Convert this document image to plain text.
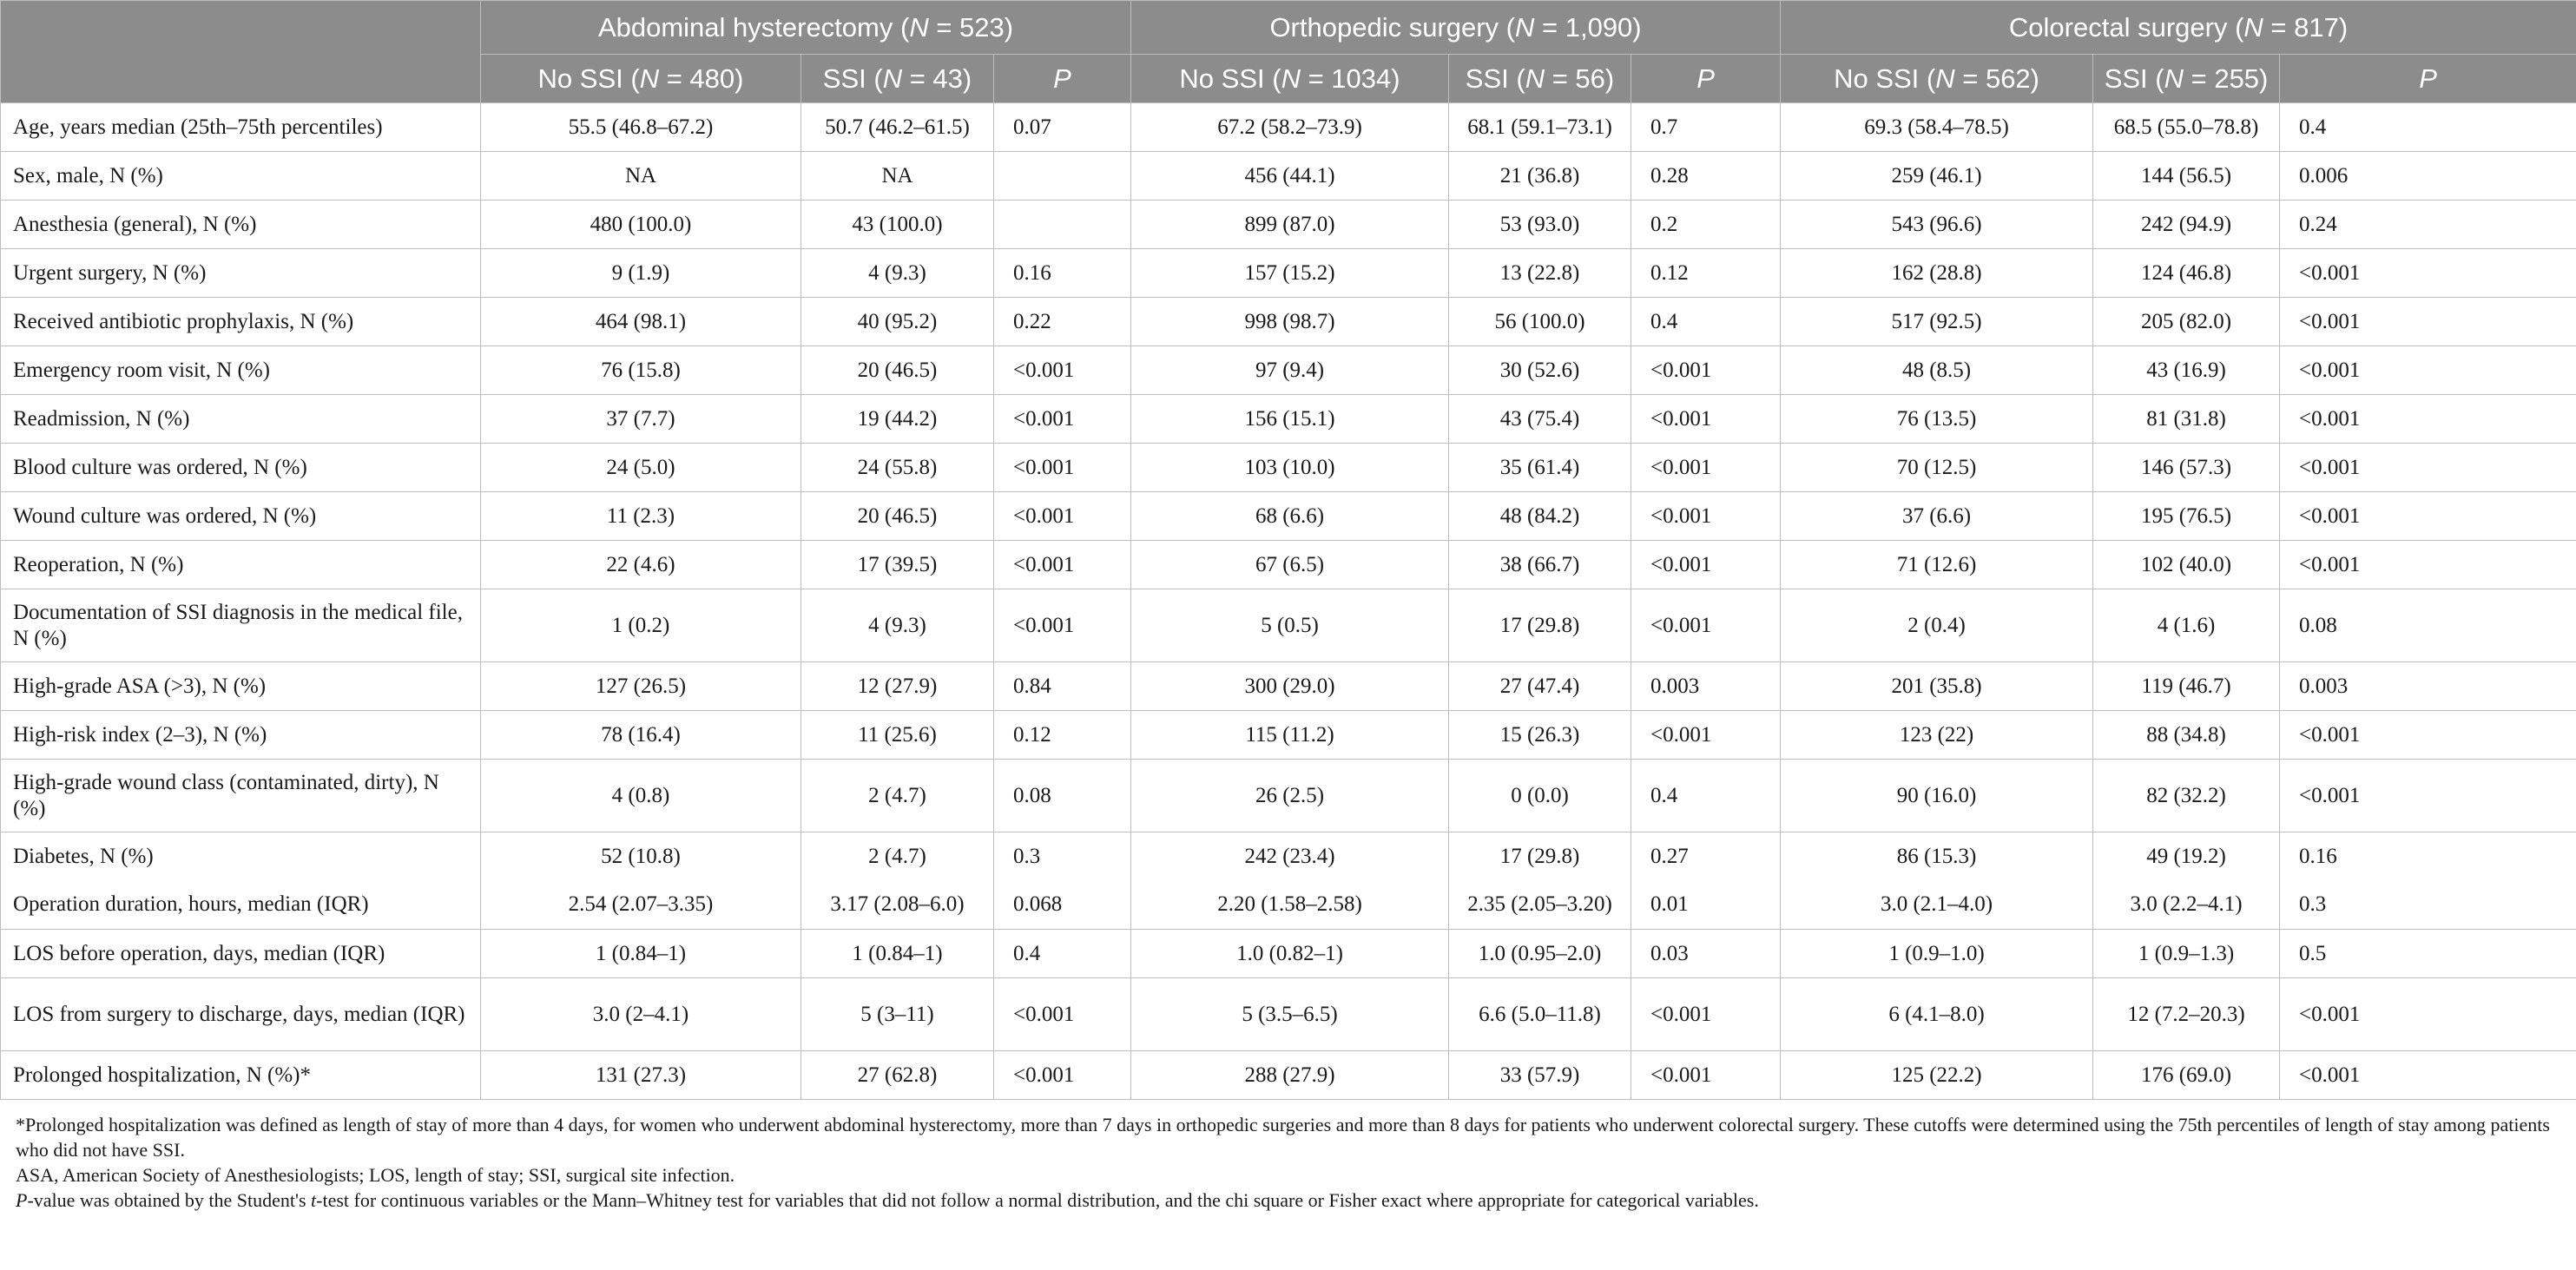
	Abdominal hysterectomy (N = 523)			Orthopedic surgery (N = 1,090)			Colorectal surgery (N = 817)		
	No SSI (N = 480)	SSI (N = 43)	P	No SSI (N = 1034)	SSI (N = 56)	P	No SSI (N = 562)	SSI (N = 255)	P
Age, years median (25th–75th percentiles)	55.5 (46.8–67.2)	50.7 (46.2–61.5)	0.07	67.2 (58.2–73.9)	68.1 (59.1–73.1)	0.7	69.3 (58.4–78.5)	68.5 (55.0–78.8)	0.4
Sex, male, N (%)	NA	NA		456 (44.1)	21 (36.8)	0.28	259 (46.1)	144 (56.5)	0.006
Anesthesia (general), N (%)	480 (100.0)	43 (100.0)		899 (87.0)	53 (93.0)	0.2	543 (96.6)	242 (94.9)	0.24
Urgent surgery, N (%)	9 (1.9)	4 (9.3)	0.16	157 (15.2)	13 (22.8)	0.12	162 (28.8)	124 (46.8)	<0.001
Received antibiotic prophylaxis, N (%)	464 (98.1)	40 (95.2)	0.22	998 (98.7)	56 (100.0)	0.4	517 (92.5)	205 (82.0)	<0.001
Emergency room visit, N (%)	76 (15.8)	20 (46.5)	<0.001	97 (9.4)	30 (52.6)	<0.001	48 (8.5)	43 (16.9)	<0.001
Readmission, N (%)	37 (7.7)	19 (44.2)	<0.001	156 (15.1)	43 (75.4)	<0.001	76 (13.5)	81 (31.8)	<0.001
Blood culture was ordered, N (%)	24 (5.0)	24 (55.8)	<0.001	103 (10.0)	35 (61.4)	<0.001	70 (12.5)	146 (57.3)	<0.001
Wound culture was ordered, N (%)	11 (2.3)	20 (46.5)	<0.001	68 (6.6)	48 (84.2)	<0.001	37 (6.6)	195 (76.5)	<0.001
Reoperation, N (%)	22 (4.6)	17 (39.5)	<0.001	67 (6.5)	38 (66.7)	<0.001	71 (12.6)	102 (40.0)	<0.001
Documentation of SSI diagnosis in the medical file, N (%)	1 (0.2)	4 (9.3)	<0.001	5 (0.5)	17 (29.8)	<0.001	2 (0.4)	4 (1.6)	0.08
High-grade ASA (>3), N (%)	127 (26.5)	12 (27.9)	0.84	300 (29.0)	27 (47.4)	0.003	201 (35.8)	119 (46.7)	0.003
High-risk index (2–3), N (%)	78 (16.4)	11 (25.6)	0.12	115 (11.2)	15 (26.3)	<0.001	123 (22)	88 (34.8)	<0.001
High-grade wound class (contaminated, dirty), N (%)	4 (0.8)	2 (4.7)	0.08	26 (2.5)	0 (0.0)	0.4	90 (16.0)	82 (32.2)	<0.001
Diabetes, N (%)	52 (10.8)	2 (4.7)	0.3	242 (23.4)	17 (29.8)	0.27	86 (15.3)	49 (19.2)	0.16
Operation duration, hours, median (IQR)	2.54 (2.07–3.35)	3.17 (2.08–6.0)	0.068	2.20 (1.58–2.58)	2.35 (2.05–3.20)	0.01	3.0 (2.1–4.0)	3.0 (2.2–4.1)	0.3
LOS before operation, days, median (IQR)	1 (0.84–1)	1 (0.84–1)	0.4	1.0 (0.82–1)	1.0 (0.95–2.0)	0.03	1 (0.9–1.0)	1 (0.9–1.3)	0.5
LOS from surgery to discharge, days, median (IQR)	3.0 (2–4.1)	5 (3–11)	<0.001	5 (3.5–6.5)	6.6 (5.0–11.8)	<0.001	6 (4.1–8.0)	12 (7.2–20.3)	<0.001
Prolonged hospitalization, N (%)*	131 (27.3)	27 (62.8)	<0.001	288 (27.9)	33 (57.9)	<0.001	125 (22.2)	176 (69.0)	<0.001

*Prolonged hospitalization was defined as length of stay of more than 4 days, for women who underwent abdominal hysterectomy, more than 7 days in orthopedic surgeries and more than 8 days for patients who underwent colorectal surgery. These cutoffs were determined using the 75th percentiles of length of stay among patients who did not have SSI.

ASA, American Society of Anesthesiologists; LOS, length of stay; SSI, surgical site infection.

P-value was obtained by the Student's t-test for continuous variables or the Mann–Whitney test for variables that did not follow a normal distribution, and the chi square or Fisher exact where appropriate for categorical variables.
